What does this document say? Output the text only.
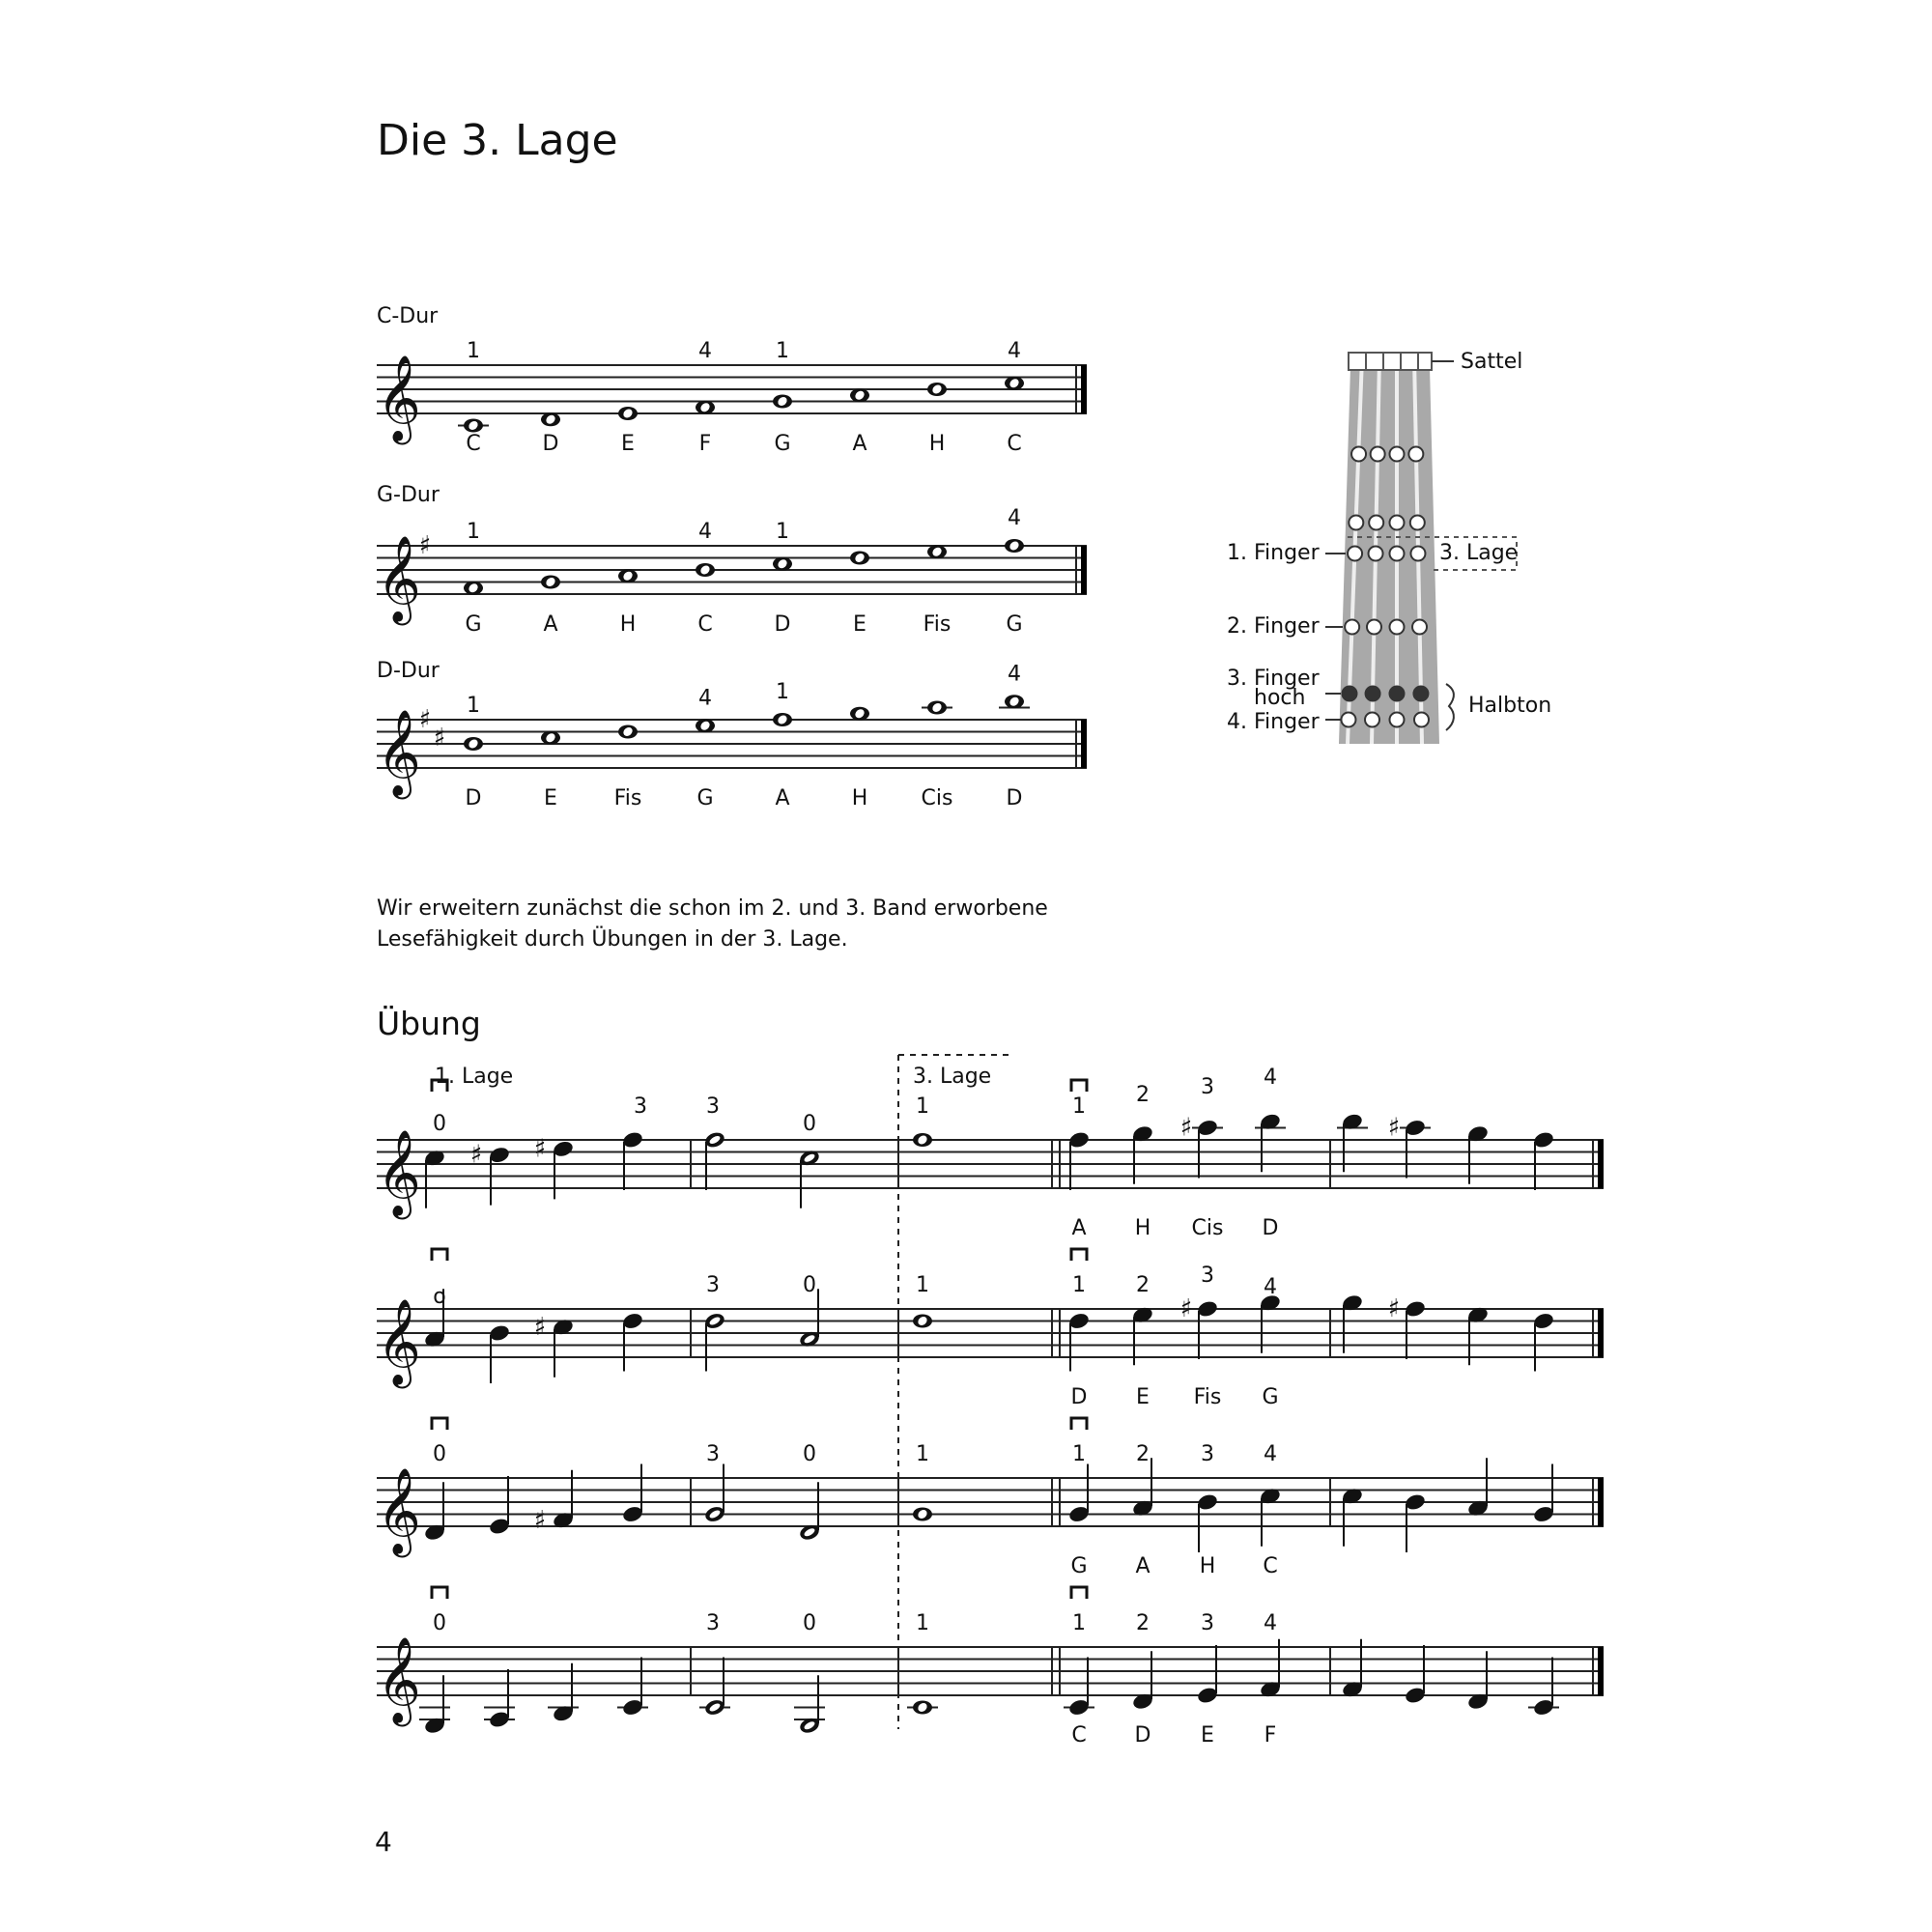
Die 3. Lage
C-Dur
G-Dur
D-Dur
Wir erweitern zunächst die schon im 2. und 3. Band erworbene
Lesefähigkeit durch Übungen in der 3. Lage.
Übung
4
𝄞
1	4	1	4
C	D	E	F	G	A	H	C
𝄞
♯ 1	4	1
4
G	A	H	C	D	E	Fis	G
𝄞
♯
♯
1	4	1
4
D	E	Fis	G	A	H	Cis	D
𝄞 ♯ ♯
♯	♯
0
3	3
0
1	1 2 3 4
A H Cis D
𝄞	♯
♯	♯
o	3	0	1	1 2 3 4
D E Fis G
𝄞	♯
0	3	0	1	1 2 3 4
G A H C
𝄞
0	3	0	1	1 2 3 4
C D E F
Sattel
1. Finger	3. Lage
2. Finger
3. Finger
hoch
4. Finger
Halbton
1. Lage	3. Lage
